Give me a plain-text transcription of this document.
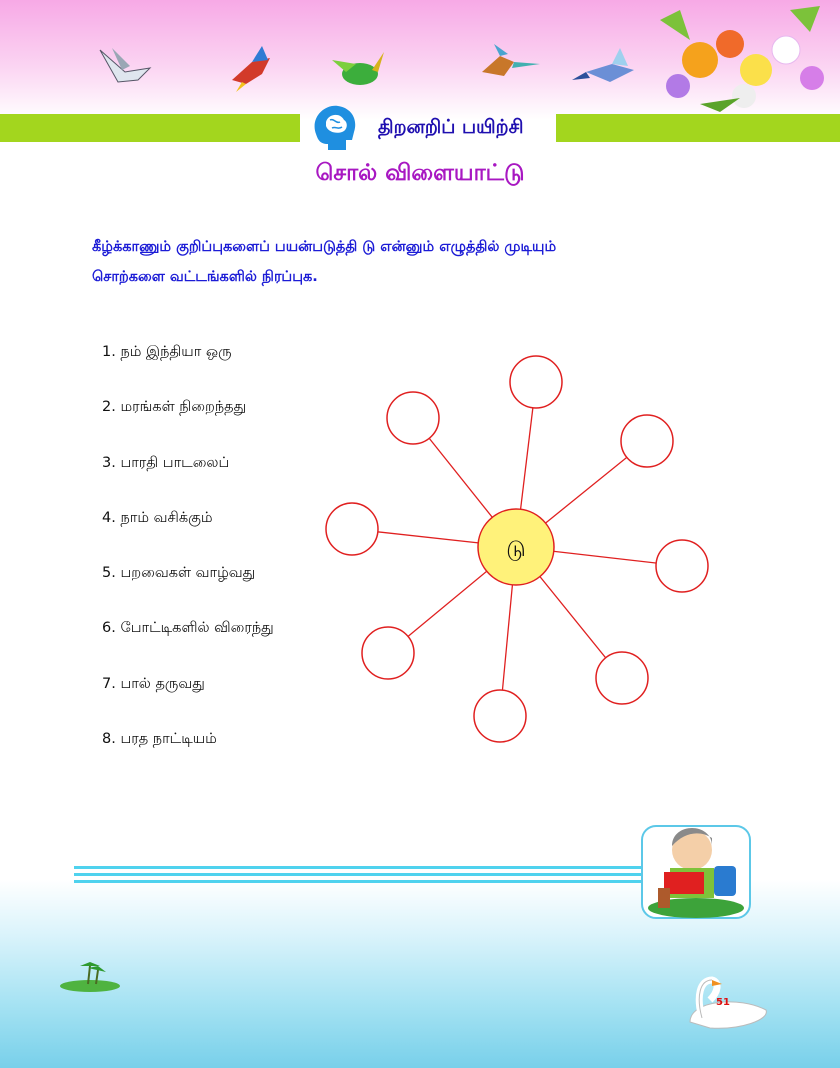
திறனறிப் பயிற்சி
சொல் விளையாட்டு
கீழ்க்காணும் குறிப்புகளைப் பயன்படுத்தி டு என்னும் எழுத்தில் முடியும்
சொற்களை வட்டங்களில் நிரப்புக.
1. நம் இந்தியா ஒரு
2. மரங்கள் நிறைந்தது
3. பாரதி பாடலைப்
4. நாம் வசிக்கும்
5. பறவைகள் வாழ்வது
6. போட்டிகளில் விரைந்து
7. பால் தருவது
8. பரத நாட்டியம்
டு
51
